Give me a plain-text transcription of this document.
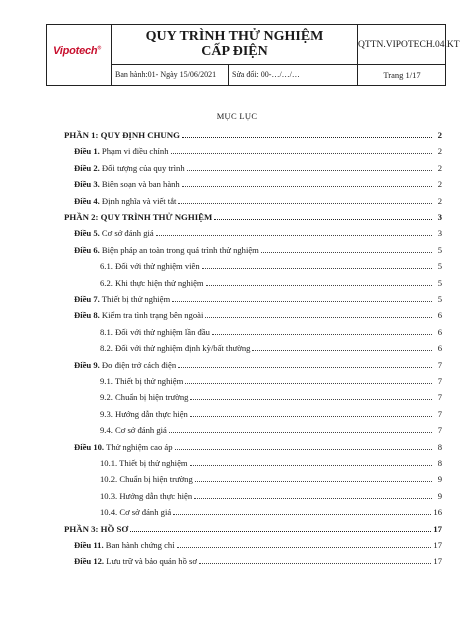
Vipotech®
QUY TRÌNH THỬ NGHIỆM
CẤP ĐIỆN	QTTN.VIPOTECH.04.KT
Ban hành:01- Ngày 15/06/2021	Sửa đổi: 00-…/…/…	Trang 1/17
MỤC LỤC
PHẦN 1: QUY ĐỊNH CHUNG	2
Điều 1. Phạm vi điều chỉnh	2
Điều 2. Đối tượng của quy trình	2
Điều 3. Biên soạn và ban hành	2
Điều 4. Định nghĩa và viết tắt	2
PHẦN 2: QUY TRÌNH THỬ NGHIỆM	3
Điều 5. Cơ sở đánh giá	3
Điều 6. Biện pháp an toàn trong quá trình thử nghiệm	5
6.1. Đối với thử nghiệm viên	5
6.2. Khi thực hiện thử nghiệm	5
Điều 7. Thiết bị thử nghiệm	5
Điều 8. Kiểm tra tình trạng bên ngoài	6
8.1. Đối với thử nghiệm lần đầu	6
8.2. Đối với thử nghiệm định kỳ/bất thường	6
Điều 9. Đo điện trở cách điện	7
9.1. Thiết bị thử nghiệm	7
9.2. Chuẩn bị hiện trường	7
9.3. Hướng dẫn thực hiện	7
9.4. Cơ sở đánh giá	7
Điều 10. Thử nghiệm cao áp	8
10.1. Thiết bị thử nghiệm	8
10.2. Chuẩn bị hiện trường	9
10.3. Hướng dẫn thực hiện	9
10.4. Cơ sở đánh giá	16
PHẦN 3: HỒ SƠ	17
Điều 11. Ban hành chứng chỉ	17
Điều 12. Lưu trữ và bảo quản hồ sơ	17
